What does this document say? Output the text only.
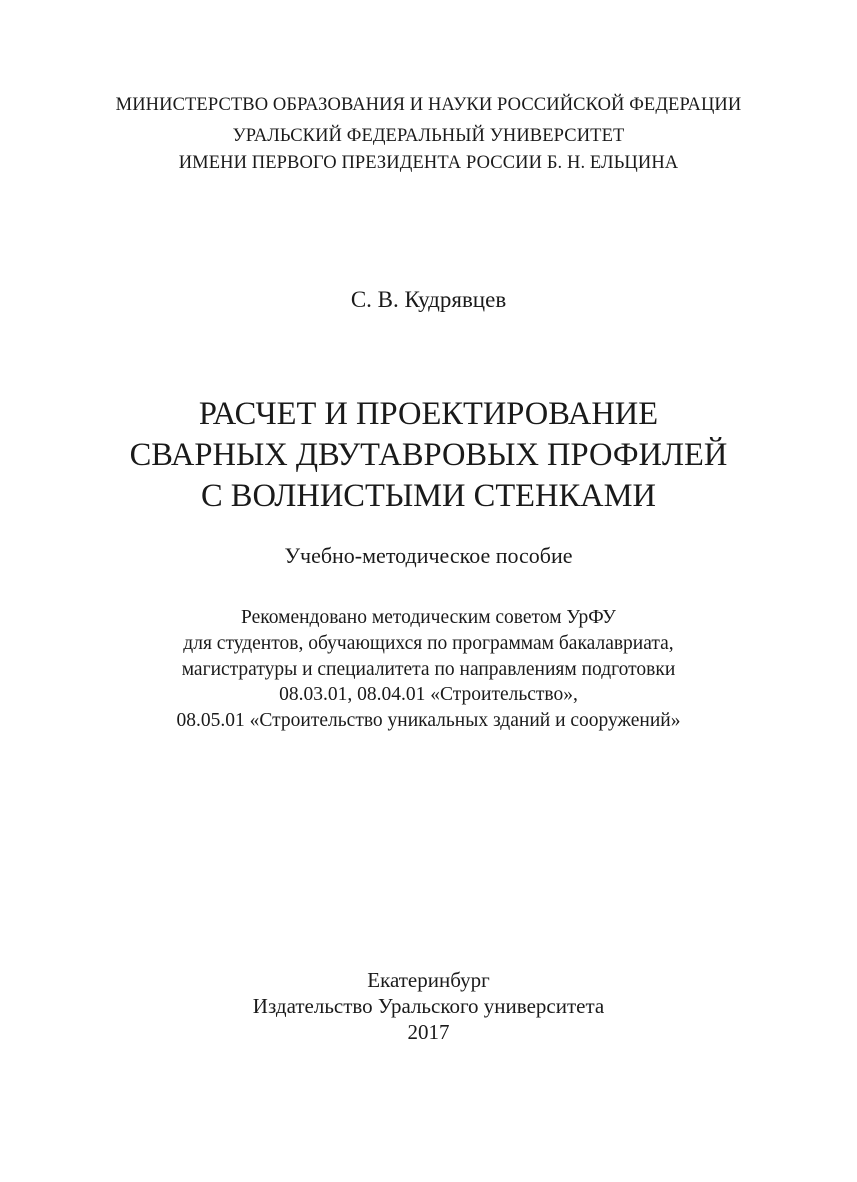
МИНИСТЕРСТВО ОБРАЗОВАНИЯ И НАУКИ РОССИЙСКОЙ ФЕДЕРАЦИИ
УРАЛЬСКИЙ ФЕДЕРАЛЬНЫЙ УНИВЕРСИТЕТ
ИМЕНИ ПЕРВОГО ПРЕЗИДЕНТА РОССИИ Б. Н. ЕЛЬЦИНА
С. В. Кудрявцев
РАСЧЕТ И ПРОЕКТИРОВАНИЕ
СВАРНЫХ ДВУТАВРОВЫХ ПРОФИЛЕЙ
С ВОЛНИСТЫМИ СТЕНКАМИ
Учебно-методическое пособие
Рекомендовано методическим советом УрФУ
для студентов, обучающихся по программам бакалавриата,
магистратуры и специалитета по направлениям подготовки
08.03.01, 08.04.01 «Строительство»,
08.05.01 «Строительство уникальных зданий и сооружений»
Екатеринбург
Издательство Уральского университета
2017
